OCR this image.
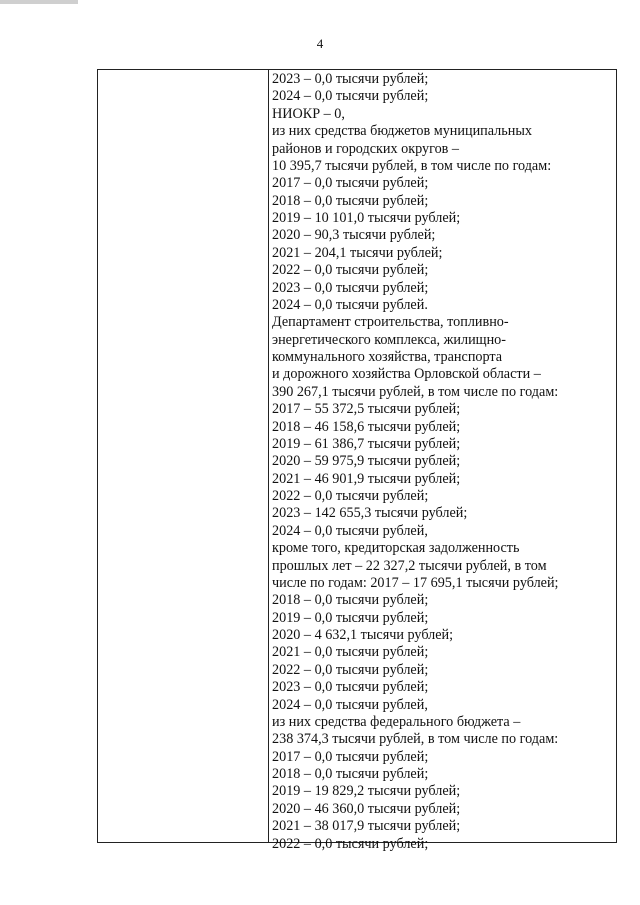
4
2023 – 0,0 тысячи рублей;
2024 – 0,0 тысячи рублей;
НИОКР – 0,
из них средства бюджетов муниципальных
районов и городских округов –
10 395,7 тысячи рублей, в том числе по годам:
2017 – 0,0 тысячи рублей;
2018 – 0,0 тысячи рублей;
2019 – 10 101,0 тысячи рублей;
2020 – 90,3 тысячи рублей;
2021 – 204,1 тысячи рублей;
2022 – 0,0 тысячи рублей;
2023 – 0,0 тысячи рублей;
2024 – 0,0 тысячи рублей.
Департамент строительства, топливно-
энергетического комплекса, жилищно-
коммунального хозяйства, транспорта
и дорожного хозяйства Орловской области –
390 267,1 тысячи рублей, в том числе по годам:
2017 – 55 372,5 тысячи рублей;
2018 – 46 158,6 тысячи рублей;
2019 – 61 386,7 тысячи рублей;
2020 – 59 975,9 тысячи рублей;
2021 – 46 901,9 тысячи рублей;
2022 – 0,0 тысячи рублей;
2023 – 142 655,3 тысячи рублей;
2024 – 0,0 тысячи рублей,
кроме того, кредиторская задолженность
прошлых лет – 22 327,2 тысячи рублей, в том
числе по годам: 2017 – 17 695,1 тысячи рублей;
2018 – 0,0 тысячи рублей;
2019 – 0,0 тысячи рублей;
2020 – 4 632,1 тысячи рублей;
2021 – 0,0 тысячи рублей;
2022 – 0,0 тысячи рублей;
2023 – 0,0 тысячи рублей;
2024 – 0,0 тысячи рублей,
из них средства федерального бюджета –
238 374,3 тысячи рублей, в том числе по годам:
2017 – 0,0 тысячи рублей;
2018 – 0,0 тысячи рублей;
2019 – 19 829,2 тысячи рублей;
2020 – 46 360,0 тысячи рублей;
2021 – 38 017,9 тысячи рублей;
2022 – 0,0 тысячи рублей;
